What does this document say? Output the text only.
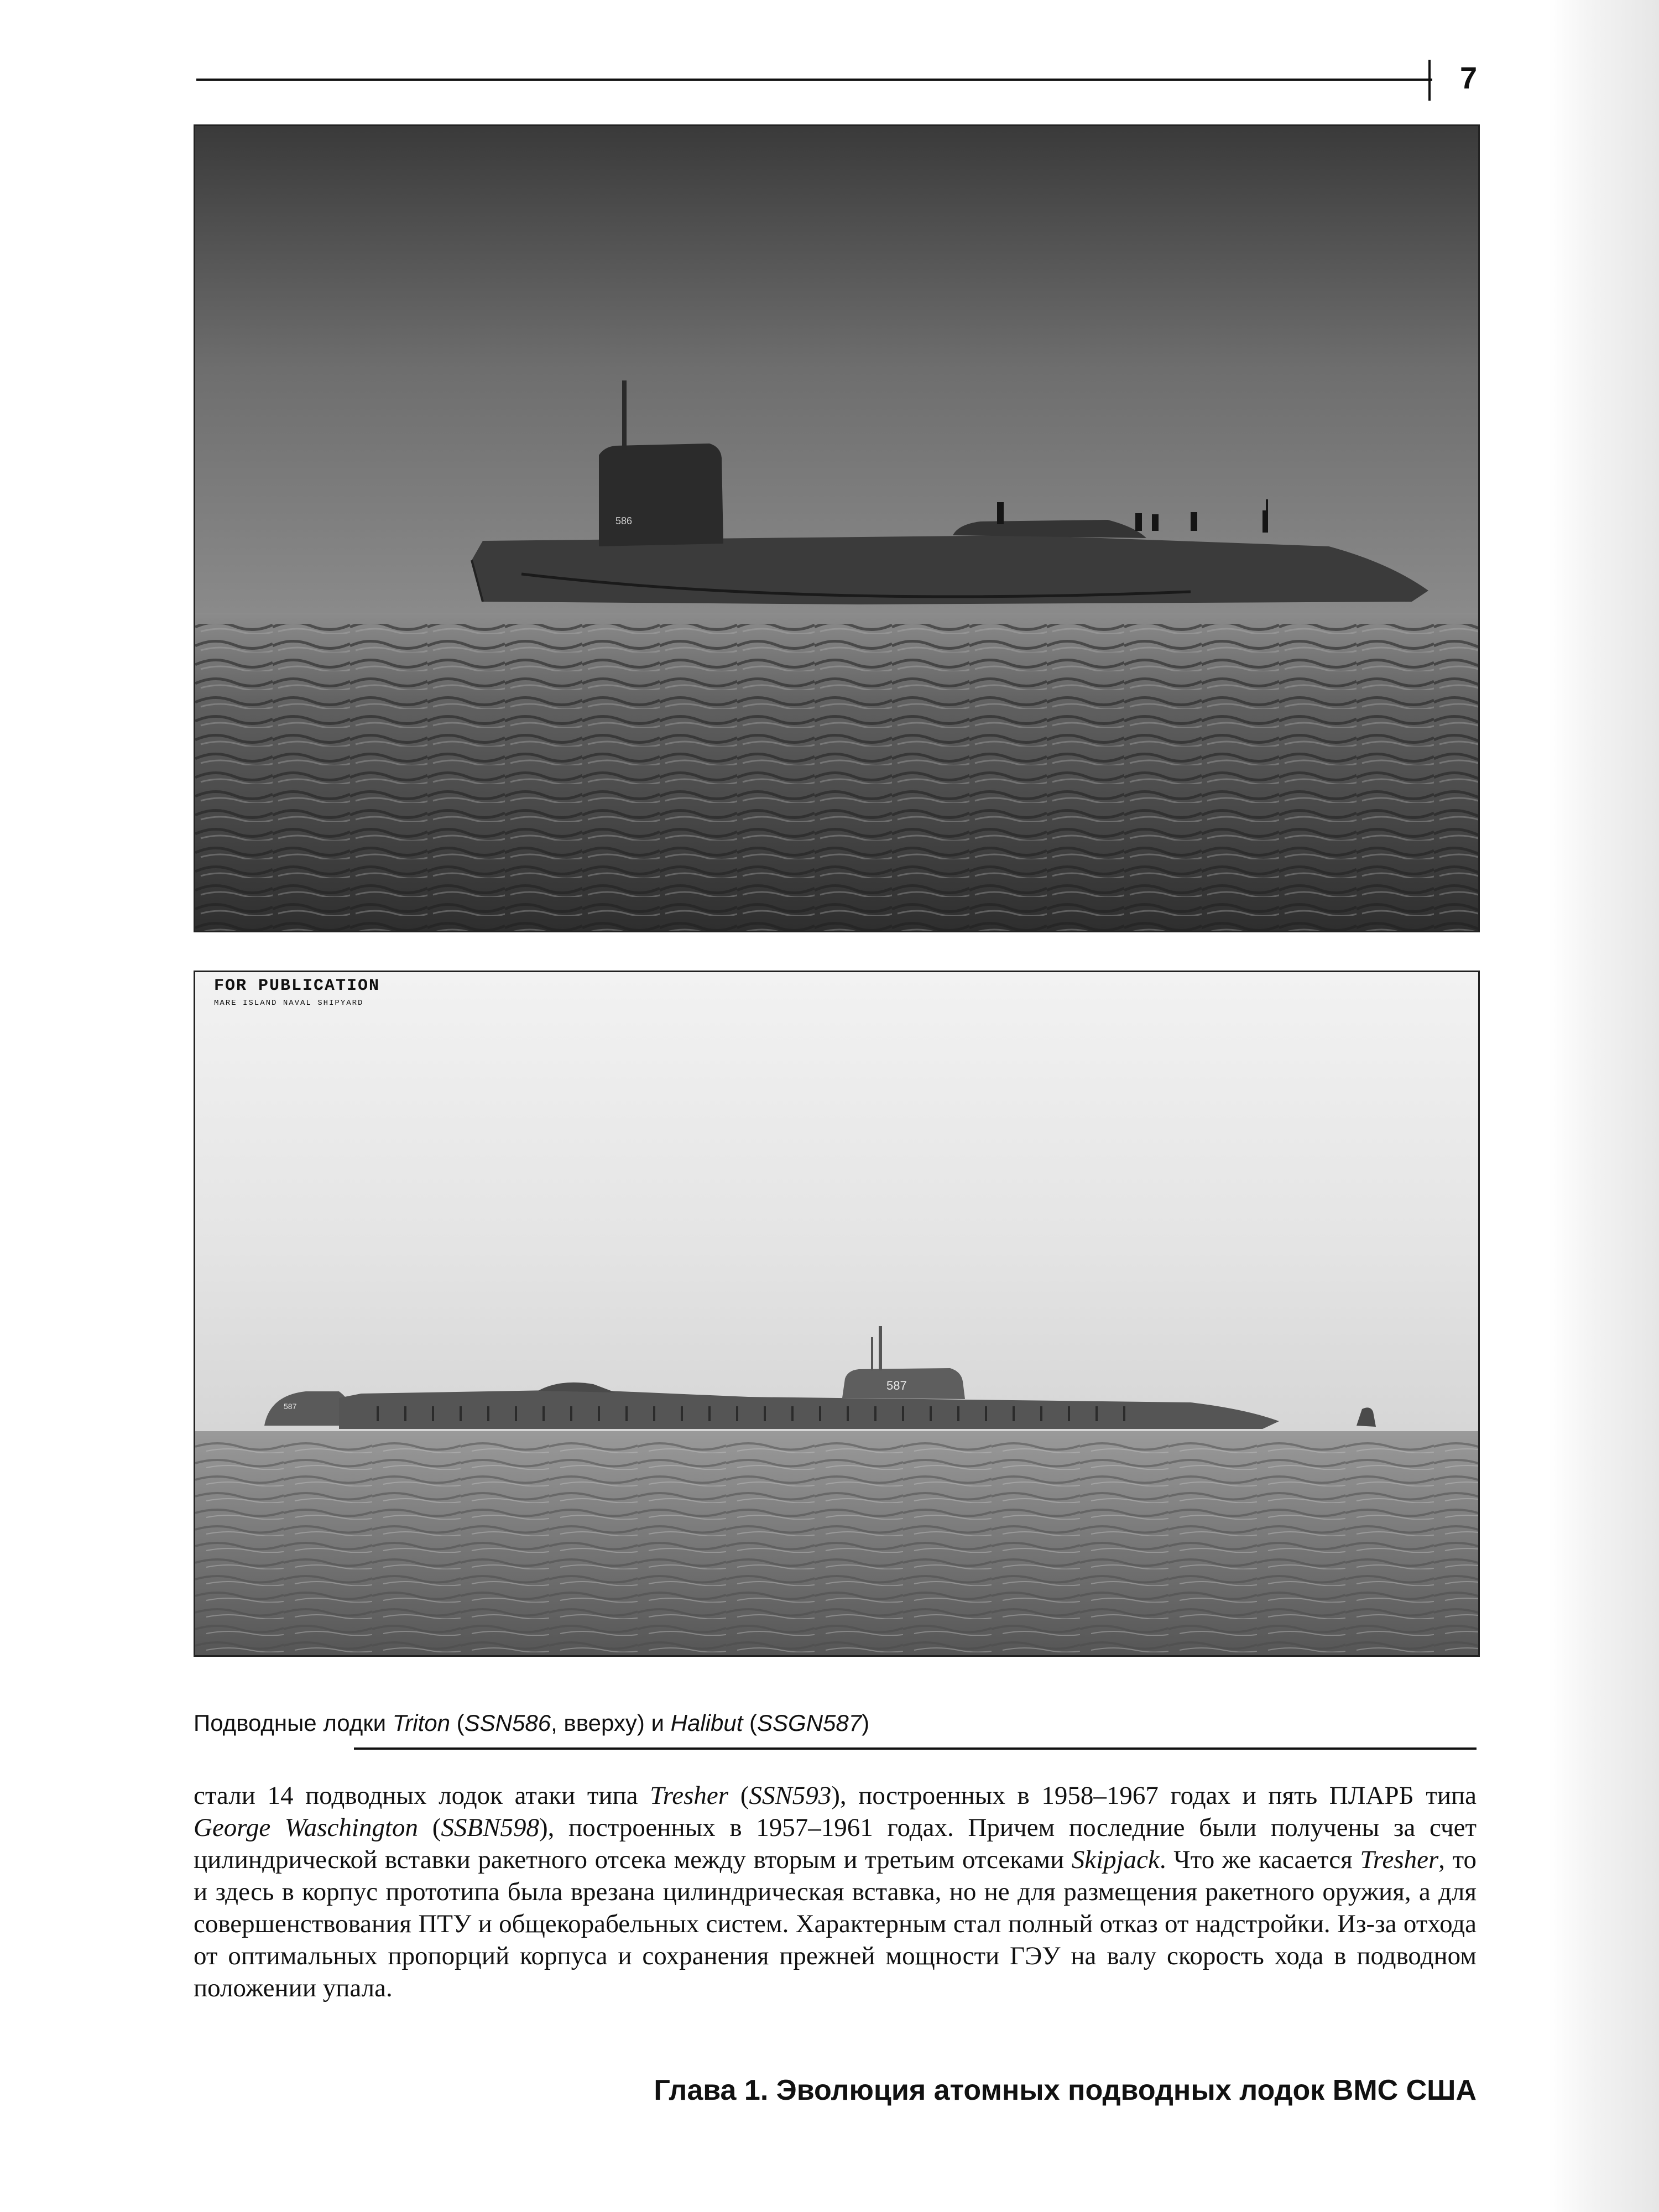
7
586
587
587
FOR PUBLICATION
MARE ISLAND NAVAL SHIPYARD
Подводные лодки Triton (SSN586, вверху) и Halibut (SSGN587)

стали 14 подводных лодок атаки типа Tresher (SSN593), построенных в 1958–1967 годах и пять ПЛАРБ типа George Waschington (SSBN598), построенных в 1957–1961 годах. Причем последние были получены за счет цилиндрической вставки ракетного отсека между вторым и третьим отсеками Skipjack. Что же касается Tresher, то и здесь в корпус прототипа была врезана цилиндрическая вставка, но не для размещения ракетного оружия, а для совершенствования ПТУ и общекорабельных систем. Характерным стал полный отказ от надстройки. Из-за отхода от оптимальных пропорций корпуса и сохранения прежней мощности ГЭУ на валу скорость хода в подводном положении упала.

Глава 1. Эволюция атомных подводных лодок ВМС США
